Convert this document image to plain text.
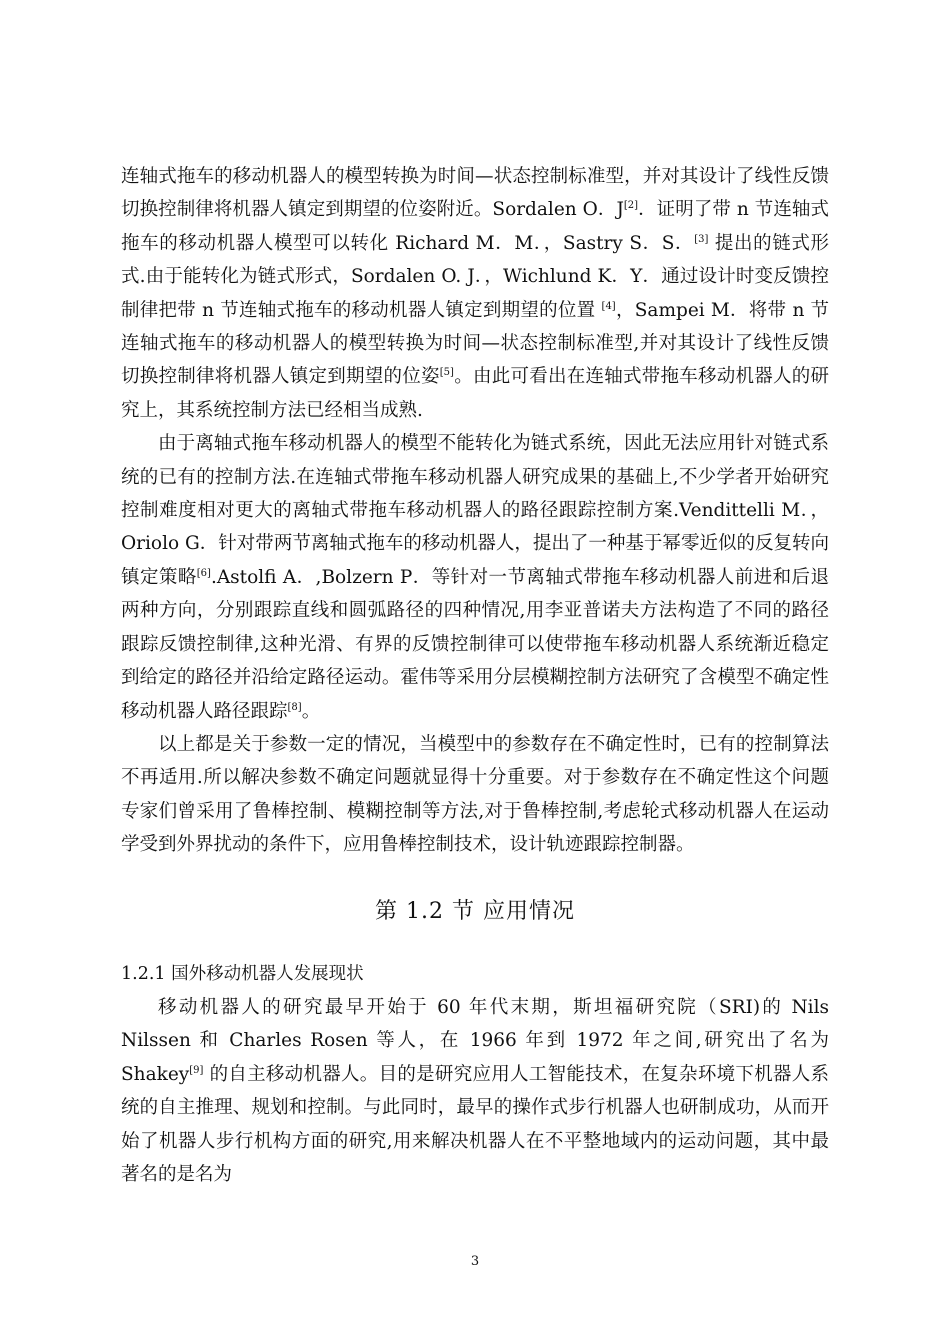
连轴式拖车的移动机器人的模型转换为时间—状态控制标准型，并对其设计了线性反馈切换控制律将机器人镇定到期望的位姿附近。Sordalen O．J[2]．证明了带 n 节连轴式拖车的移动机器人模型可以转化 Richard M．M．，Sastry S．S．[3] 提出的链式形式.由于能转化为链式形式，Sordalen O. J．，Wichlund K．Y．通过设计时变反馈控制律把带 n 节连轴式拖车的移动机器人镇定到期望的位置 [4]，Sampei M．将带 n 节连轴式拖车的移动机器人的模型转换为时间—状态控制标准型,并对其设计了线性反馈切换控制律将机器人镇定到期望的位姿[5]。由此可看出在连轴式带拖车移动机器人的研究上，其系统控制方法已经相当成熟.

由于离轴式拖车移动机器人的模型不能转化为链式系统，因此无法应用针对链式系统的已有的控制方法.在连轴式带拖车移动机器人研究成果的基础上,不少学者开始研究控制难度相对更大的离轴式带拖车移动机器人的路径跟踪控制方案.Vendittelli M．，Oriolo G．针对带两节离轴式拖车的移动机器人，提出了一种基于幂零近似的反复转向镇定策略[6].Astolfi A．,Bolzern P．等针对一节离轴式带拖车移动机器人前进和后退两种方向，分别跟踪直线和圆弧路径的四种情况,用李亚普诺夫方法构造了不同的路径跟踪反馈控制律,这种光滑、有界的反馈控制律可以使带拖车移动机器人系统渐近稳定到给定的路径并沿给定路径运动。霍伟等采用分层模糊控制方法研究了含模型不确定性移动机器人路径跟踪[8]。

以上都是关于参数一定的情况，当模型中的参数存在不确定性时，已有的控制算法不再适用.所以解决参数不确定问题就显得十分重要。对于参数存在不确定性这个问题专家们曾采用了鲁棒控制、模糊控制等方法,对于鲁棒控制,考虑轮式移动机器人在运动学受到外界扰动的条件下，应用鲁棒控制技术，设计轨迹跟踪控制器。

第 1.2 节 应用情况

1.2.1 国外移动机器人发展现状

移动机器人的研究最早开始于 60 年代末期，斯坦福研究院（SRI)的 Nils Nilssen 和 Charles Rosen 等人，在 1966 年到 1972 年之间,研究出了名为 Shakey[9] 的自主移动机器人。目的是研究应用人工智能技术，在复杂环境下机器人系统的自主推理、规划和控制。与此同时，最早的操作式步行机器人也研制成功，从而开始了机器人步行机构方面的研究,用来解决机器人在不平整地域内的运动问题，其中最著名的是名为

3
